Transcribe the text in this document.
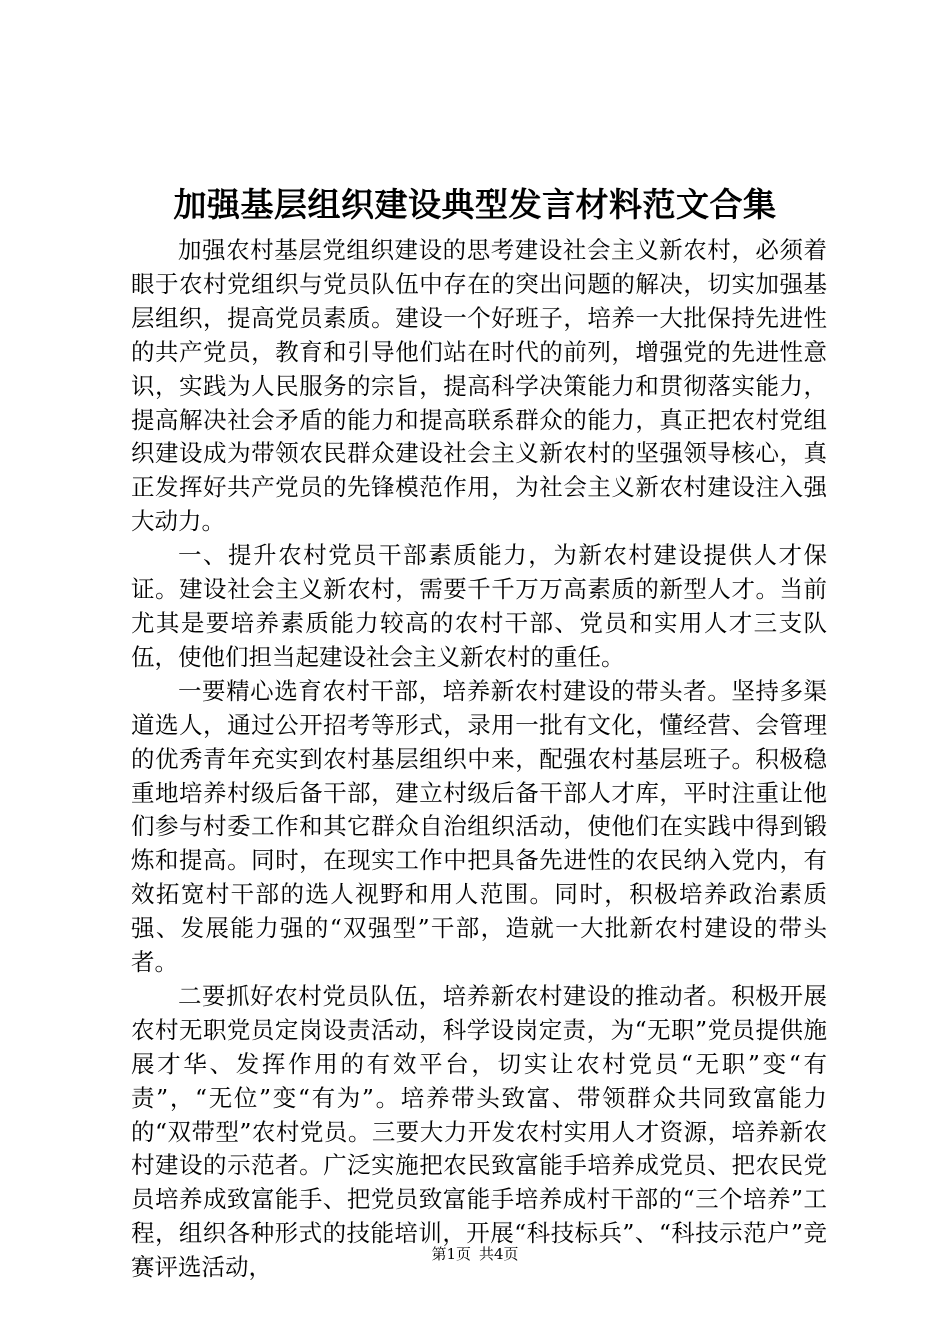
加强基层组织建设典型发言材料范文合集

加强农村基层党组织建设的思考建设社会主义新农村，必须着眼于农村党组织与党员队伍中存在的突出问题的解决，切实加强基层组织，提高党员素质。建设一个好班子，培养一大批保持先进性的共产党员，教育和引导他们站在时代的前列，增强党的先进性意识，实践为人民服务的宗旨，提高科学决策能力和贯彻落实能力，提高解决社会矛盾的能力和提高联系群众的能力，真正把农村党组织建设成为带领农民群众建设社会主义新农村的坚强领导核心，真正发挥好共产党员的先锋模范作用，为社会主义新农村建设注入强大动力。

一、提升农村党员干部素质能力，为新农村建设提供人才保证。建设社会主义新农村，需要千千万万高素质的新型人才。当前尤其是要培养素质能力较高的农村干部、党员和实用人才三支队伍，使他们担当起建设社会主义新农村的重任。

一要精心选育农村干部，培养新农村建设的带头者。坚持多渠道选人，通过公开招考等形式，录用一批有文化，懂经营、会管理的优秀青年充实到农村基层组织中来，配强农村基层班子。积极稳重地培养村级后备干部，建立村级后备干部人才库，平时注重让他们参与村委工作和其它群众自治组织活动，使他们在实践中得到锻炼和提高。同时，在现实工作中把具备先进性的农民纳入党内，有效拓宽村干部的选人视野和用人范围。同时，积极培养政治素质强、发展能力强的“双强型”干部，造就一大批新农村建设的带头者。

二要抓好农村党员队伍，培养新农村建设的推动者。积极开展农村无职党员定岗设责活动，科学设岗定责，为“无职”党员提供施展才华、发挥作用的有效平台，切实让农村党员“无职”变“有责”，“无位”变“有为”。培养带头致富、带领群众共同致富能力的“双带型”农村党员。三要大力开发农村实用人才资源，培养新农村建设的示范者。广泛实施把农民致富能手培养成党员、把农民党员培养成致富能手、把党员致富能手培养成村干部的“三个培养”工程，组织各种形式的技能培训，开展“科技标兵”、“科技示范户”竞赛评选活动，	第1页 共4页
